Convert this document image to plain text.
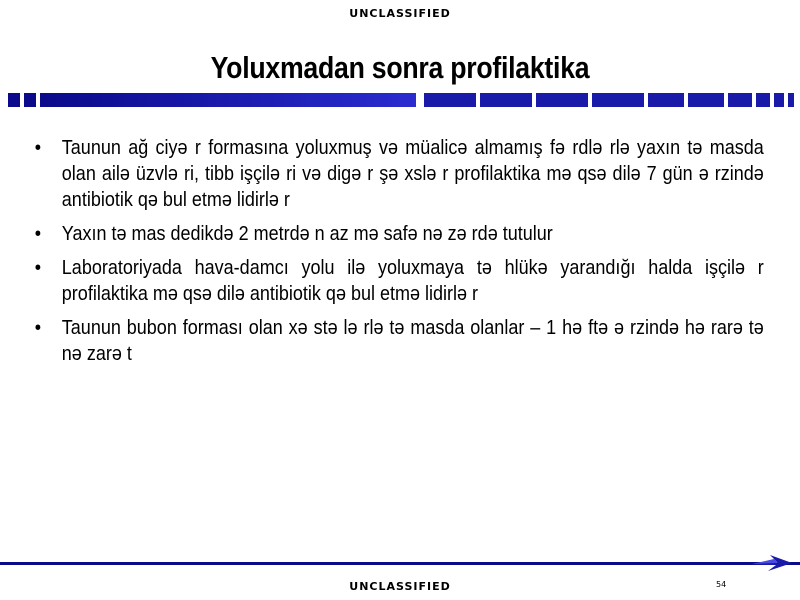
UNCLASSIFIED
Yoluxmadan sonra profilaktika
• Taunun ağ ciyə r formasına yoluxmuş və müalicə almamış fə rdlə rlə yaxın tə masda olan ailə üzvlə ri, tibb işçilə ri və digə r şə xslə r profilaktika mə qsə dilə 7 gün ə rzində antibiotik qə bul etmə lidirlə r
• Yaxın tə mas dedikdə 2 metrdə n az mə safə nə zə rdə tutulur
• Laboratoriyada hava-damcı yolu ilə yoluxmaya tə hlükə yarandığı halda işçilə r profilaktika mə qsə dilə antibiotik qə bul etmə lidirlə r
• Taunun bubon forması olan xə stə lə rlə tə masda olanlar – 1 hə ftə ə rzində hə rarə tə nə zarə t
54
UNCLASSIFIED
